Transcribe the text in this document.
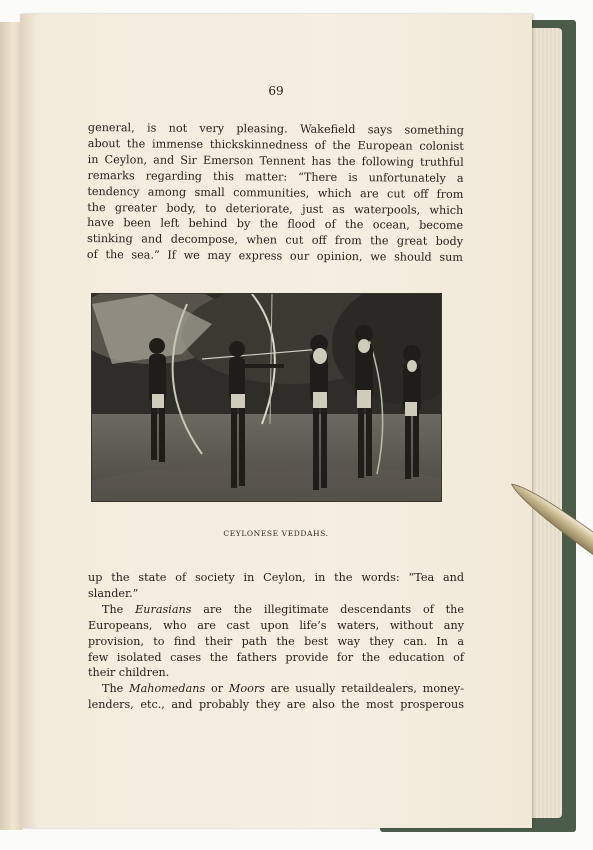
69
general, is not very pleasing. Wakefield says something
about the immense thickskinnedness of the European colonist
in Ceylon, and Sir Emerson Tennent has the following truthful
remarks regarding this matter: “There is unfortunately a
tendency among small communities, which are cut off from
the greater body, to deteriorate, just as waterpools, which
have been left behind by the flood of the ocean, become
stinking and decompose, when cut off from the great body
of the sea.” If we may express our opinion, we should sum
CEYLONESE VEDDAHS.
up the state of society in Ceylon, in the words: “Tea and
slander.”
The Eurasians are the illegitimate descendants of the
Europeans, who are cast upon life’s waters, without any
provision, to find their path the best way they can. In a
few isolated cases the fathers provide for the education of
their children.
The Mahomedans or Moors are usually retaildealers, money-
lenders, etc., and probably they are also the most prosperous
